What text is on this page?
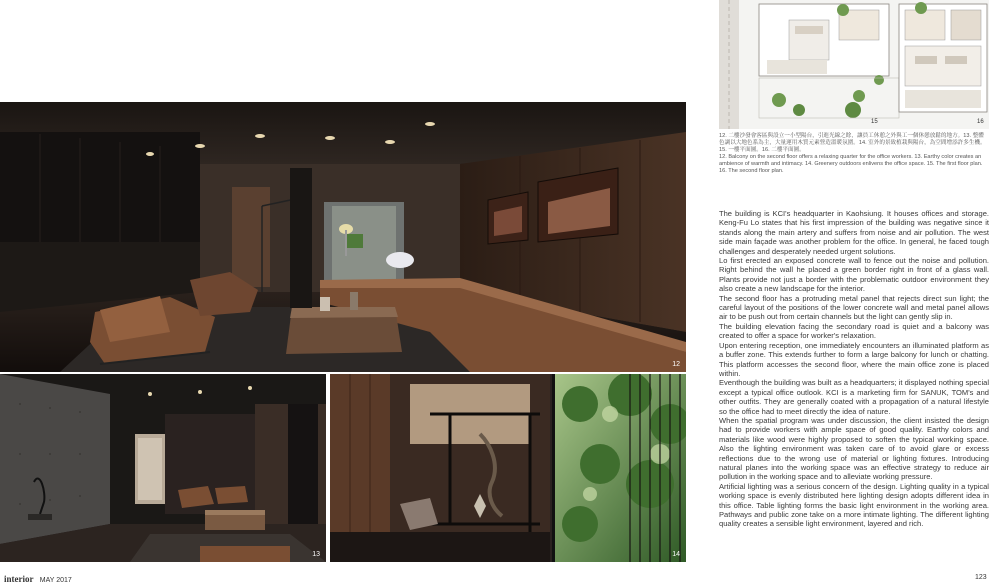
12
13	14
15	16
12. 二樓沙發會客區與設立一小型陽台，引進光線之餘，讓員工休憩之外與工一個休憩放鬆的地方。13. 整體色調以大地色系為主，大量運用木質元素營造溫暖氛圍。14. 室外的景致植栽與陽台，為空間增添許多生機。15. 一樓平面圖。16. 二樓平面圖。
12. Balcony on the second floor offers a relaxing quarter for the office workers. 13. Earthy color creates an ambience of warmth and intimacy. 14. Greenery outdoors enlivens the office space. 15. The first floor plan. 16. The second floor plan.

The building is KCI's headquarter in Kaohsiung. It houses offices and storage. Keng-Fu Lo states that his first impression of the building was negative since it stands along the main artery and suffers from noise and air pollution. The west side main façade was another problem for the office. In general, he faced tough challenges and desperately needed urgent solutions.

Lo first erected an exposed concrete wall to fence out the noise and pollution. Right behind the wall he placed a green border right in front of a glass wall. Plants provide not just a border with the problematic outdoor environment they also create a new landscape for the interior.

The second floor has a protruding metal panel that rejects direct sun light; the careful layout of the positions of the lower concrete wall and metal panel allows air to be push out from certain channels but the light can gently slip in.

The building elevation facing the secondary road is quiet and a balcony was created to offer a space for worker's relaxation.

Upon entering reception, one immediately encounters an illuminated platform as a buffer zone. This extends further to form a large balcony for lunch or chatting. This platform accesses the second floor, where the main office zone is placed within.

Eventhough the building was built as a headquarters; it displayed nothing special except a typical office outlook. KCI is a marketing firm for SANUK, TOM's and other outfits. They are generally coated with a propagation of a natural lifestyle so the office had to meet directly the idea of nature.

When the spatial program was under discussion, the client insisted the design had to provide workers with ample space of good quality. Earthy colors and materials like wood were highly proposed to soften the typical working space. Also the lighting environment was taken care of to avoid glare or excess reflections due to the wrong use of material or lighting fixtures. Introducing natural planes into the working space was an effective strategy to reduce air pollution in the working space and to alleviate working pressure.

Artificial lighting was a serious concern of the design. Lighting quality in a typical working space is evenly distributed here lighting design adopts different idea in this office. Table lighting forms the basic light environment in the working area. Pathways and public zone take on a more intimate lighting. The different lighting quality creates a sensible light environment, layered and rich.

interior MAY 2017	123
